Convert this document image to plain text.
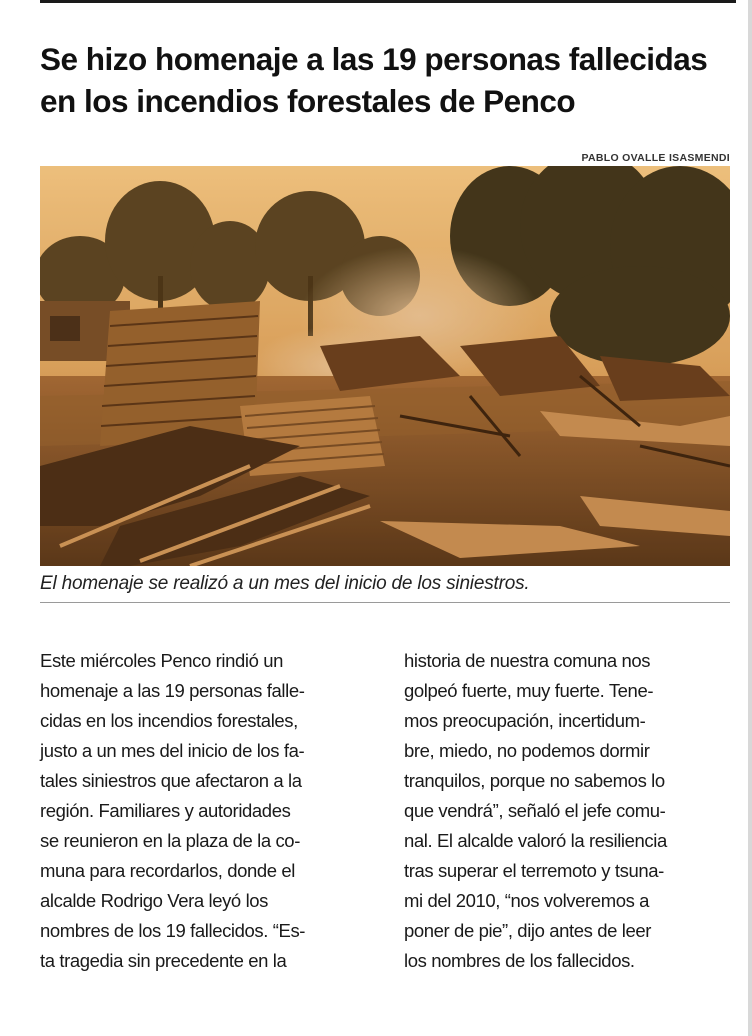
Se hizo homenaje a las 19 personas fallecidas
en los incendios forestales de Penco
PABLO OVALLE ISASMENDI
El homenaje se realizó a un mes del inicio de los siniestros.
Este miércoles Penco rindió un
homenaje a las 19 personas falle-
cidas en los incendios forestales,
justo a un mes del inicio de los fa-
tales siniestros que afectaron a la
región. Familiares y autoridades
se reunieron en la plaza de la co-
muna para recordarlos, donde el
alcalde Rodrigo Vera leyó los
nombres de los 19 fallecidos. “Es-
ta tragedia sin precedente en la
historia de nuestra comuna nos
golpeó fuerte, muy fuerte. Tene-
mos preocupación, incertidum-
bre, miedo, no podemos dormir
tranquilos, porque no sabemos lo
que vendrá”, señaló el jefe comu-
nal. El alcalde valoró la resiliencia
tras superar el terremoto y tsuna-
mi del 2010, “nos volveremos a
poner de pie”, dijo antes de leer
los nombres de los fallecidos.
